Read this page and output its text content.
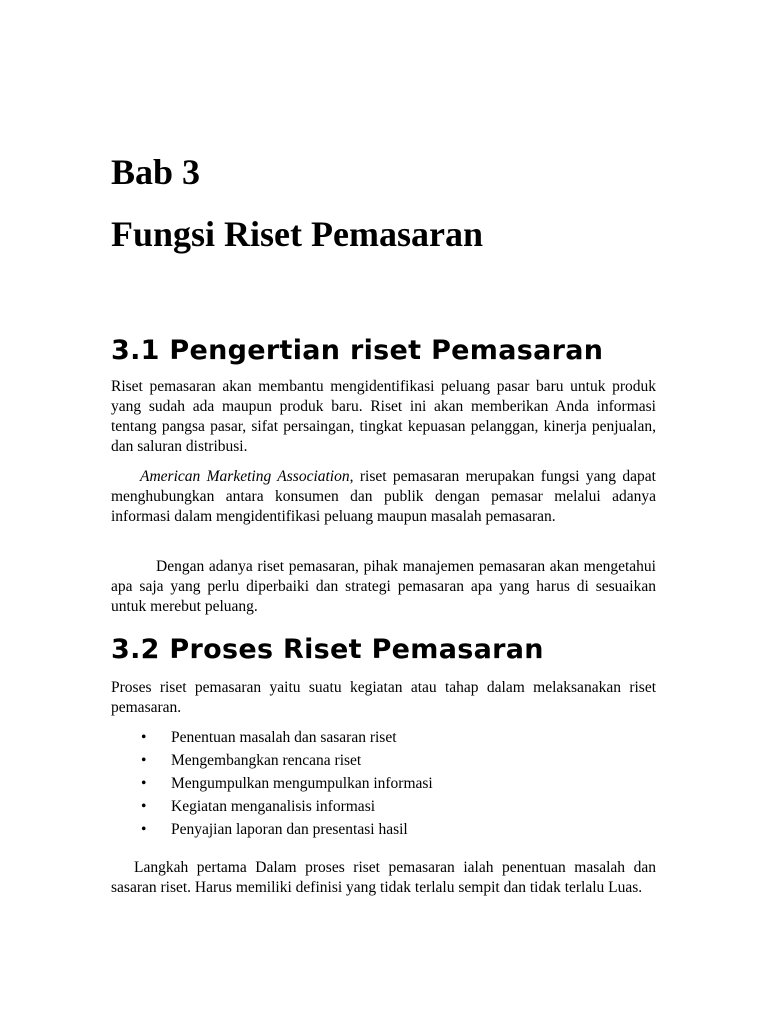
Bab 3
Fungsi Riset Pemasaran
3.1 Pengertian riset Pemasaran

Riset pemasaran akan membantu mengidentifikasi peluang pasar baru untuk produk yang sudah ada maupun produk baru. Riset ini akan memberikan Anda informasi tentang pangsa pasar, sifat persaingan, tingkat kepuasan pelanggan, kinerja penjualan, dan saluran distribusi.

American Marketing Association, riset pemasaran merupakan fungsi yang dapat menghubungkan antara konsumen dan publik dengan pemasar melalui adanya informasi dalam mengidentifikasi peluang maupun masalah pemasaran.

Dengan adanya riset pemasaran, pihak manajemen pemasaran akan mengetahui apa saja yang perlu diperbaiki dan strategi pemasaran apa yang harus di sesuaikan untuk merebut peluang.

3.2 Proses Riset Pemasaran

Proses riset pemasaran yaitu suatu kegiatan atau tahap dalam melaksanakan riset pemasaran.

• Penentuan masalah dan sasaran riset
• Mengembangkan rencana riset
• Mengumpulkan mengumpulkan informasi
• Kegiatan menganalisis informasi
• Penyajian laporan dan presentasi hasil

Langkah pertama Dalam proses riset pemasaran ialah penentuan masalah dan sasaran riset. Harus memiliki definisi yang tidak terlalu sempit dan tidak terlalu Luas.
